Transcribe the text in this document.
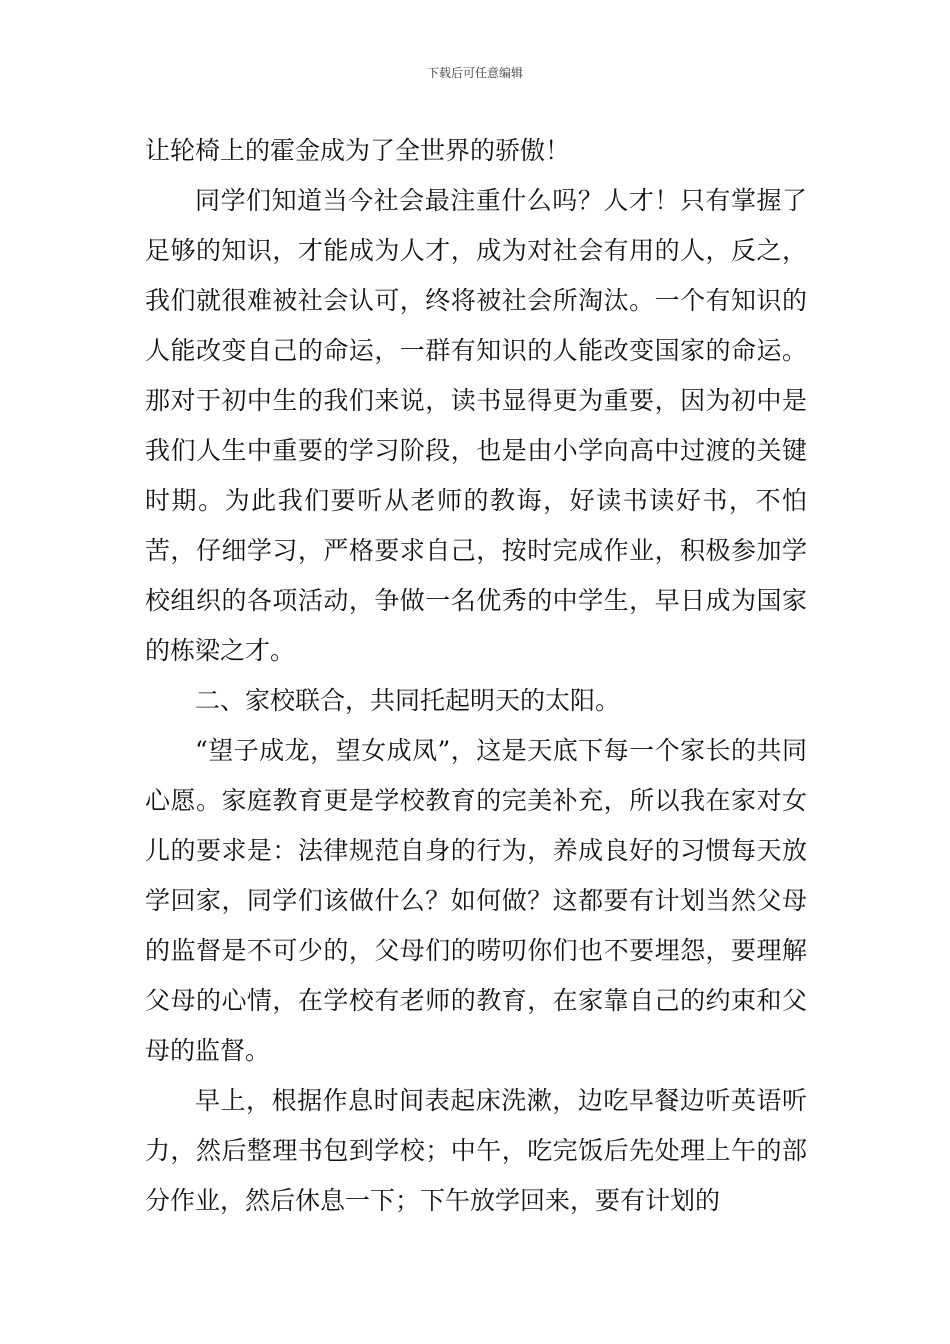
下载后可任意编辑

让轮椅上的霍金成为了全世界的骄傲！

同学们知道当今社会最注重什么吗？人才！只有掌握了足够的知识，才能成为人才，成为对社会有用的人，反之，我们就很难被社会认可，终将被社会所淘汰。一个有知识的人能改变自己的命运，一群有知识的人能改变国家的命运。那对于初中生的我们来说，读书显得更为重要，因为初中是我们人生中重要的学习阶段，也是由小学向高中过渡的关键时期。为此我们要听从老师的教诲，好读书读好书，不怕苦，仔细学习，严格要求自己，按时完成作业，积极参加学校组织的各项活动，争做一名优秀的中学生，早日成为国家的栋梁之才。

二、家校联合，共同托起明天的太阳。

“望子成龙，望女成凤”，这是天底下每一个家长的共同心愿。家庭教育更是学校教育的完美补充，所以我在家对女儿的要求是：法律规范自身的行为，养成良好的习惯每天放学回家，同学们该做什么？如何做？这都要有计划当然父母的监督是不可少的，父母们的唠叨你们也不要埋怨，要理解父母的心情，在学校有老师的教育，在家靠自己的约束和父母的监督。

早上，根据作息时间表起床洗漱，边吃早餐边听英语听力，然后整理书包到学校；中午，吃完饭后先处理上午的部分作业，然后休息一下；下午放学回来，要有计划的
